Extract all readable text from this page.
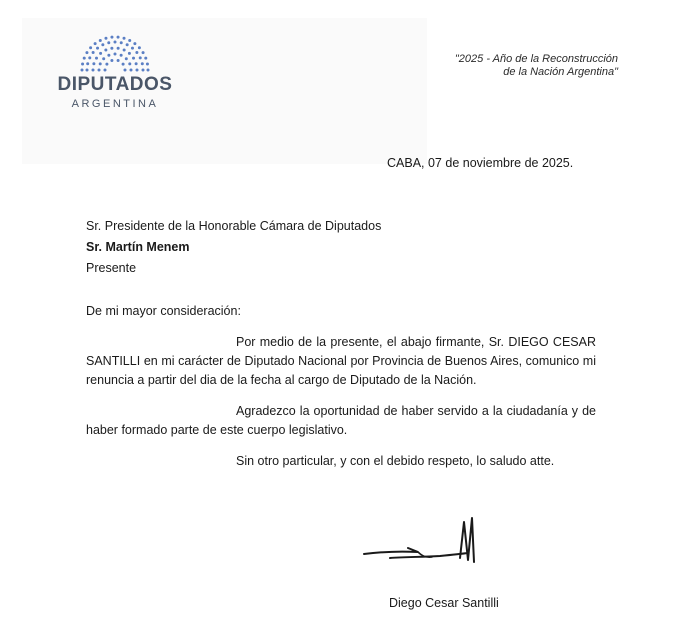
DIPUTADOS
ARGENTINA
"2025 - Año de la Reconstrucción
de la Nación Argentina"
CABA, 07 de noviembre de 2025.
Sr. Presidente de la Honorable Cámara de Diputados
Sr. Martín Menem
Presente
De mi mayor consideración:

Por medio de la presente, el abajo firmante, Sr. DIEGO CESAR SANTILLI en mi carácter de Diputado Nacional por Provincia de Buenos Aires, comunico mi renuncia a partir del dia de la fecha al cargo de Diputado de la Nación.

Agradezco la oportunidad de haber servido a la ciudadanía y de haber formado parte de este cuerpo legislativo.

Sin otro particular, y con el debido respeto, lo saludo atte.

Diego Cesar Santilli
